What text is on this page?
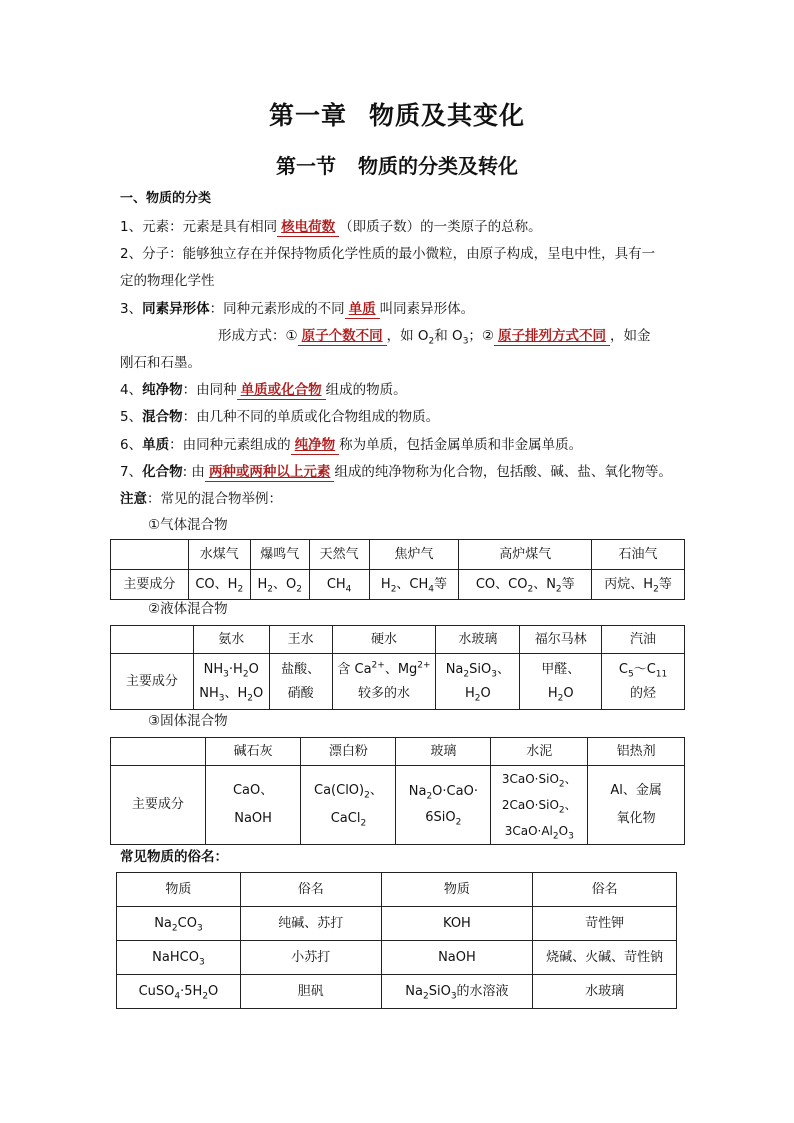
第一章 物质及其变化
第一节 物质的分类及转化
一、物质的分类
1、元素：元素是具有相同 核电荷数 （即质子数）的一类原子的总称。
2、分子：能够独立存在并保持物质化学性质的最小微粒，由原子构成，呈电中性，具有一
定的物理化学性
3、同素异形体：同种元素形成的不同 单质 叫同素异形体。
形成方式：① 原子个数不同 ，如 $O_2$和 $O_3$；② 原子排列方式不同 ，如金
刚石和石墨。
4、纯净物：由同种 单质或化合物 组成的物质。
5、混合物：由几种不同的单质或化合物组成的物质。
6、单质：由同种元素组成的 纯净物 称为单质，包括金属单质和非金属单质。
7、化合物: 由 两种或两种以上元素 组成的纯净物称为化合物，包括酸、碱、盐、氧化物等。
注意：常见的混合物举例：
①气体混合物
	水煤气	爆鸣气	天然气	焦炉气	高炉煤气	石油气
主要成分	CO、$H_2$	$H_2$、$O_2$	$CH_4$	$H_2$、$CH_4$等	CO、$CO_2$、$N_2$等	丙烷、$H_2$等
②液体混合物
	氨水	王水	硬水	水玻璃	福尔马林	汽油
主要成分	$NH_3\cdot H_2O$
$NH_3$、$H_2O$	盐酸、
硝酸	含 $Ca^{2+}$、$Mg^{2+}$
较多的水	$Na_2SiO_3$、
$H_2O$	甲醛、
$H_2O$	$C_5\sim C_{11}$
的烃
③固体混合物
	碱石灰	漂白粉	玻璃	水泥	铝热剂
主要成分	CaO、
NaOH	$Ca(ClO)_2$、
CaCl$_2$	$Na_2O\cdot CaO\cdot$
6SiO$_2$	3CaO·SiO$_2$、
2CaO·SiO$_2$、
$3CaO\cdot Al_2O_3$	Al、金属
氧化物
常见物质的俗名：
物质	俗名	物质	俗名
$Na_2CO_3$	纯碱、苏打	KOH	苛性钾
NaHCO$_3$	小苏打	NaOH	烧碱、火碱、苛性钠
$CuSO_4\cdot 5H_2O$	胆矾	$Na_2SiO_3$的水溶液	水玻璃
